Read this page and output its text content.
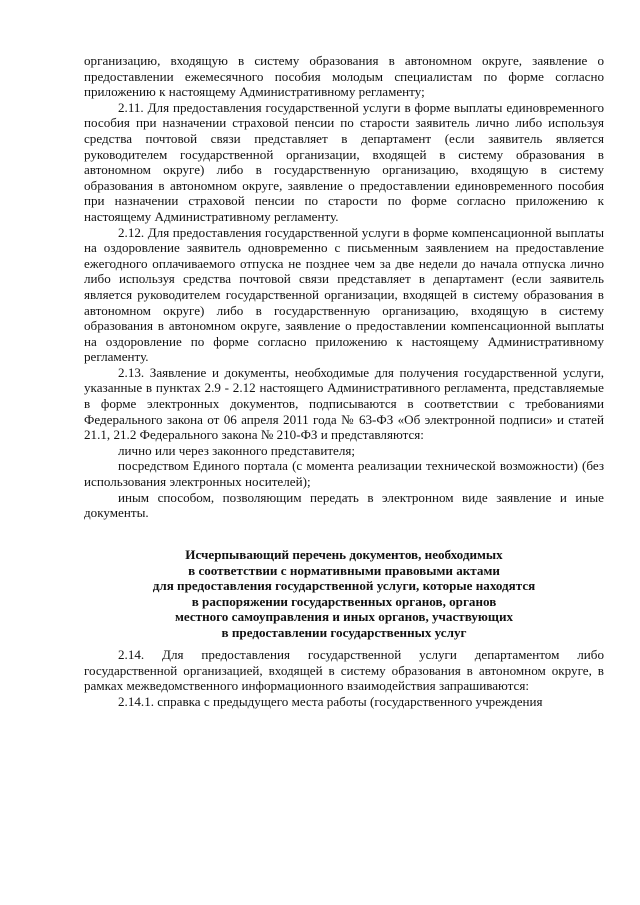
организацию, входящую в систему образования в автономном округе, заявление о предоставлении ежемесячного пособия молодым специалистам по форме согласно приложению к настоящему Административному регламенту;

2.11. Для предоставления государственной услуги в форме выплаты единовременного пособия при назначении страховой пенсии по старости заявитель лично либо используя средства почтовой связи представляет в департамент (если заявитель является руководителем государственной организации, входящей в систему образования в автономном округе) либо в государственную организацию, входящую в систему образования в автономном округе, заявление о предоставлении единовременного пособия при назначении страховой пенсии по старости по форме согласно приложению к настоящему Административному регламенту.

2.12. Для предоставления государственной услуги в форме компенсационной выплаты на оздоровление заявитель одновременно с письменным заявлением на предоставление ежегодного оплачиваемого отпуска не позднее чем за две недели до начала отпуска лично либо используя средства почтовой связи представляет в департамент (если заявитель является руководителем государственной организации, входящей в систему образования в автономном округе) либо в государственную организацию, входящую в систему образования в автономном округе, заявление о предоставлении компенсационной выплаты на оздоровление по форме согласно приложению к настоящему Административному регламенту.

2.13. Заявление и документы, необходимые для получения государственной услуги, указанные в пунктах 2.9 - 2.12 настоящего Административного регламента, представляемые в форме электронных документов, подписываются в соответствии с требованиями Федерального закона от 06 апреля 2011 года № 63-ФЗ «Об электронной подписи» и статей 21.1, 21.2 Федерального закона № 210-ФЗ и представляются:

лично или через законного представителя;

посредством Единого портала (с момента реализации технической возможности) (без использования электронных носителей);

иным способом, позволяющим передать в электронном виде заявление и иные документы.

Исчерпывающий перечень документов, необходимых
в соответствии с нормативными правовыми актами
для предоставления государственной услуги, которые находятся
в распоряжении государственных органов, органов
местного самоуправления и иных органов, участвующих
в предоставлении государственных услуг

2.14. Для предоставления государственной услуги департаментом либо государственной организацией, входящей в систему образования в автономном округе, в рамках межведомственного информационного взаимодействия запрашиваются:

2.14.1. справка с предыдущего места работы (государственного учреждения
